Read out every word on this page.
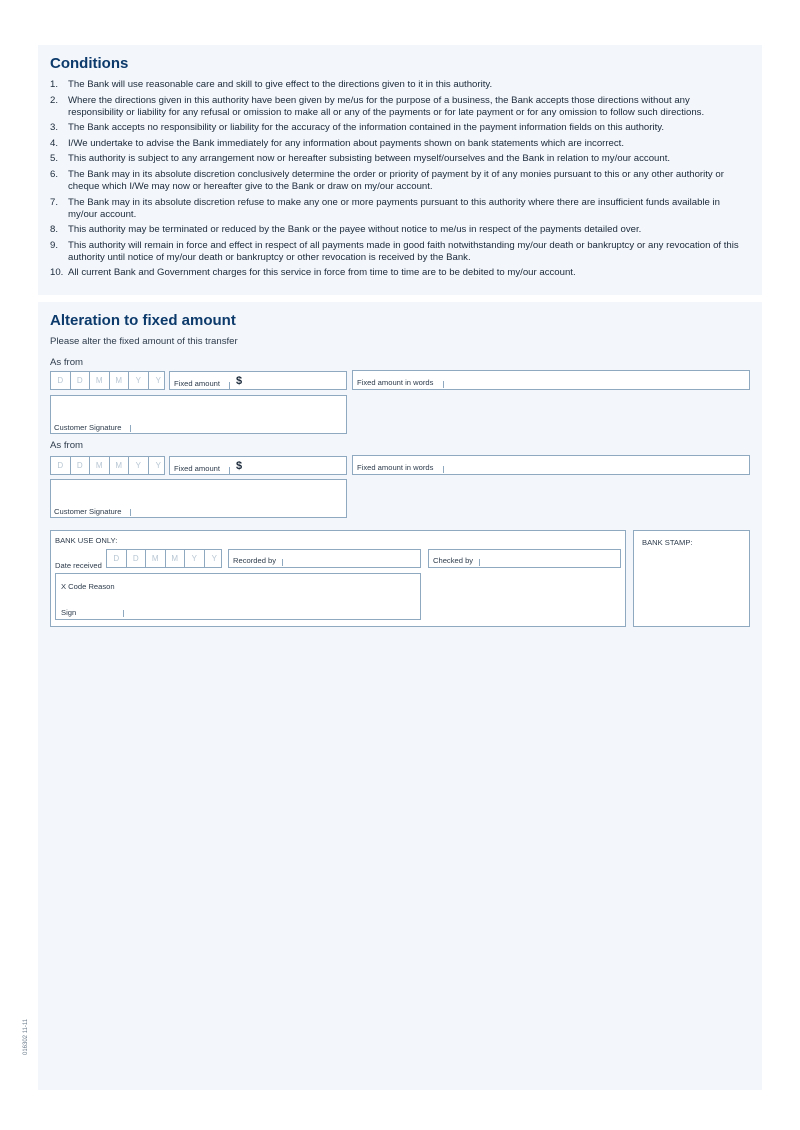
Conditions
1. The Bank will use reasonable care and skill to give effect to the directions given to it in this authority.
2. Where the directions given in this authority have been given by me/us for the purpose of a business, the Bank accepts those directions without any responsibility or liability for any refusal or omission to make all or any of the payments or for late payment or for any omission to follow such directions.
3. The Bank accepts no responsibility or liability for the accuracy of the information contained in the payment information fields on this authority.
4. I/We undertake to advise the Bank immediately for any information about payments shown on bank statements which are incorrect.
5. This authority is subject to any arrangement now or hereafter subsisting between myself/ourselves and the Bank in relation to my/our account.
6. The Bank may in its absolute discretion conclusively determine the order or priority of payment by it of any monies pursuant to this or any other authority or cheque which I/We may now or hereafter give to the Bank or draw on my/our account.
7. The Bank may in its absolute discretion refuse to make any one or more payments pursuant to this authority where there are insufficient funds available in my/our account.
8. This authority may be terminated or reduced by the Bank or the payee without notice to me/us in respect of the payments detailed over.
9. This authority will remain in force and effect in respect of all payments made in good faith notwithstanding my/our death or bankruptcy or any revocation of this authority until notice of my/our death or bankruptcy or other revocation is received by the Bank.
10. All current Bank and Government charges for this service in force from time to time are to be debited to my/our account.
Alteration to fixed amount
Please alter the fixed amount of this transfer
As from
D	D	M	M	Y	Y	Fixed amount $	Fixed amount in words
Customer Signature
As from
D	D	M	M	Y	Y	Fixed amount $	Fixed amount in words
Customer Signature
BANK USE ONLY:
Date received
D	D	M	M	Y	Y	Recorded by	Checked by
X Code Reason
Sign
BANK STAMP:
016302 11-11
